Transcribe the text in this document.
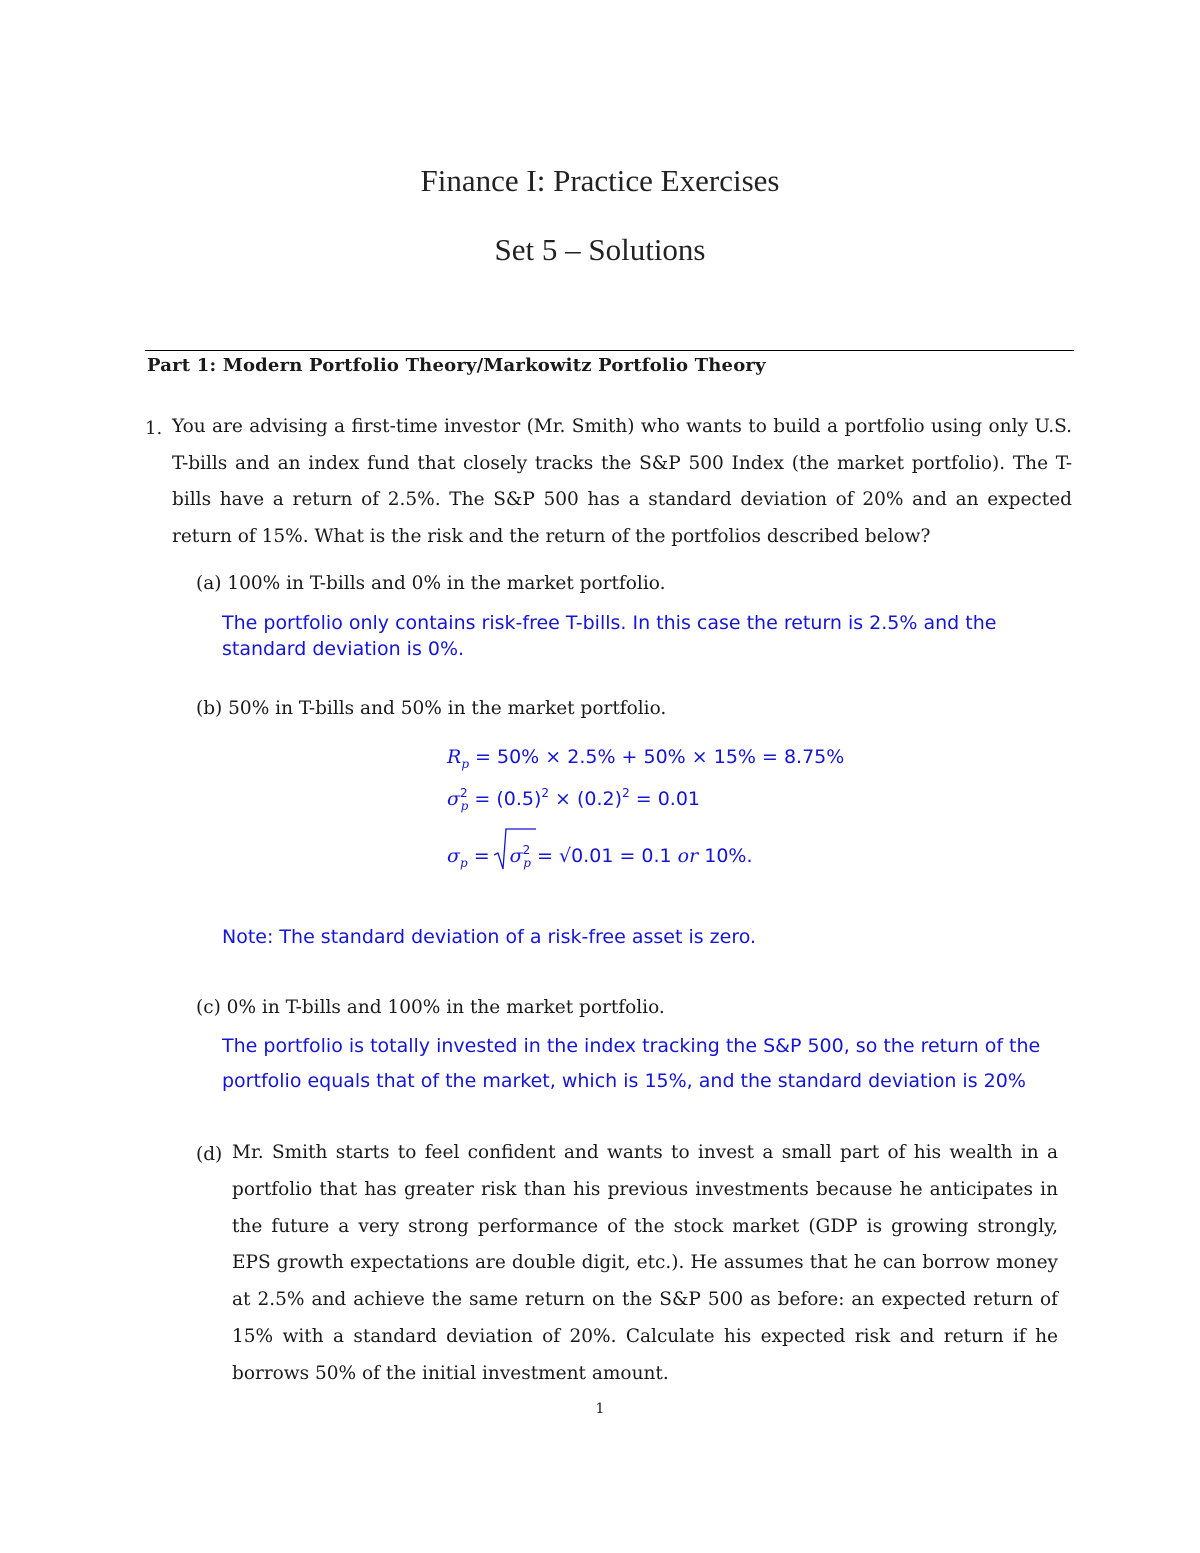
Finance I: Practice Exercises
Set 5 – Solutions
Part 1: Modern Portfolio Theory/Markowitz Portfolio Theory
1. You are advising a first-time investor (Mr. Smith) who wants to build a portfolio using only U.S. T-bills and an index fund that closely tracks the S&P 500 Index (the market portfolio). The T-bills have a return of 2.5%. The S&P 500 has a standard deviation of 20% and an expected return of 15%. What is the risk and the return of the portfolios described below?
(a) 100% in T-bills and 0% in the market portfolio.
The portfolio only contains risk-free T-bills. In this case the return is 2.5% and the standard deviation is 0%.
(b) 50% in T-bills and 50% in the market portfolio.
$R_p = 50\% \times 2.5\% + 50\% \times 15\% = 8.75\%$
$\sigma^2_p = (0.5)^2 \times (0.2)^2 = 0.01$
$\sigma_p$ =
$\sigma^2_p = √0.01 = 0.1$ or 10%.
Note: The standard deviation of a risk-free asset is zero.
(c) 0% in T-bills and 100% in the market portfolio.
The portfolio is totally invested in the index tracking the S&P 500, so the return of the portfolio equals that of the market, which is 15%, and the standard deviation is 20%
(d) Mr. Smith starts to feel confident and wants to invest a small part of his wealth in a portfolio that has greater risk than his previous investments because he anticipates in the future a very strong performance of the stock market (GDP is growing strongly, EPS growth expectations are double digit, etc.). He assumes that he can borrow money at 2.5% and achieve the same return on the S&P 500 as before: an expected return of 15% with a standard deviation of 20%. Calculate his expected risk and return if he borrows 50% of the initial investment amount.
1
